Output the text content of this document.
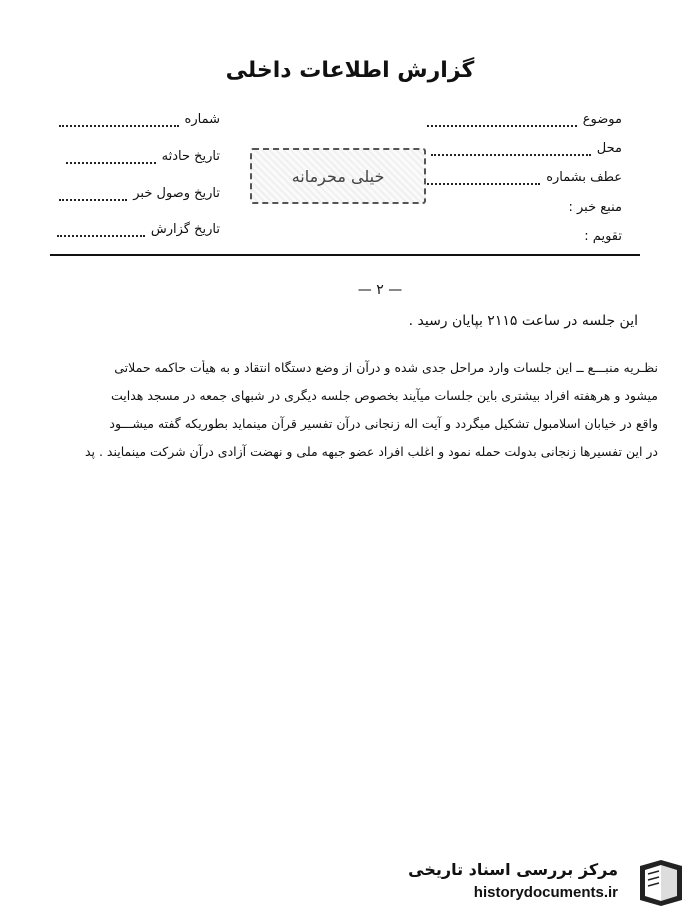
گزارش اطلاعات داخلی
موضوع
محل
عطف بشماره
منبع خبر :
تقویم :
شماره
تاریخ حادثه
تاریخ وصول خبر
تاریخ گزارش
خیلی محرمانه
— ۲ —
این جلسه در ساعت ۲۱۱۵ بپایان رسید .
نظـریه منبـــع ــ این جلسات وارد مراحل جدی شده و درآن از وضع دستگاه انتقاد و به هیأت حاکمه حملاتی
میشود و هرهفته افراد بیشتری باین جلسات میآیند بخصوص جلسه دیگری در شبهای جمعه در مسجد هدایت
واقع در خیابان اسلامبول تشکیل میگردد و آیت اله زنجانی درآن تفسیر قرآن مینماید بطوریکه گفته میشـــود
در این تفسیرها زنجانی بدولت حمله نمود و اغلب افراد عضو جبهه ملی و نهضت آزادی درآن شرکت مینمایند . پد
مرکز بررسی اسناد تاریخی
historydocuments.ir
